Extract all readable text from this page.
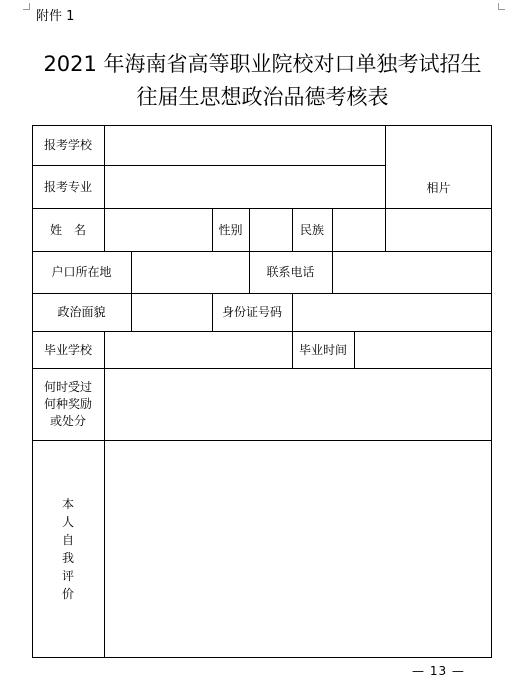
附件 1
2021 年海南省高等职业院校对口单独考试招生
往届生思想政治品德考核表
报考学校
报考专业	相片
姓　名	性别	民族
户口所在地	联系电话
政治面貌	身份证号码
毕业学校	毕业时间
何时受过何种奖励或处分
本人自我评价
— 13 —
